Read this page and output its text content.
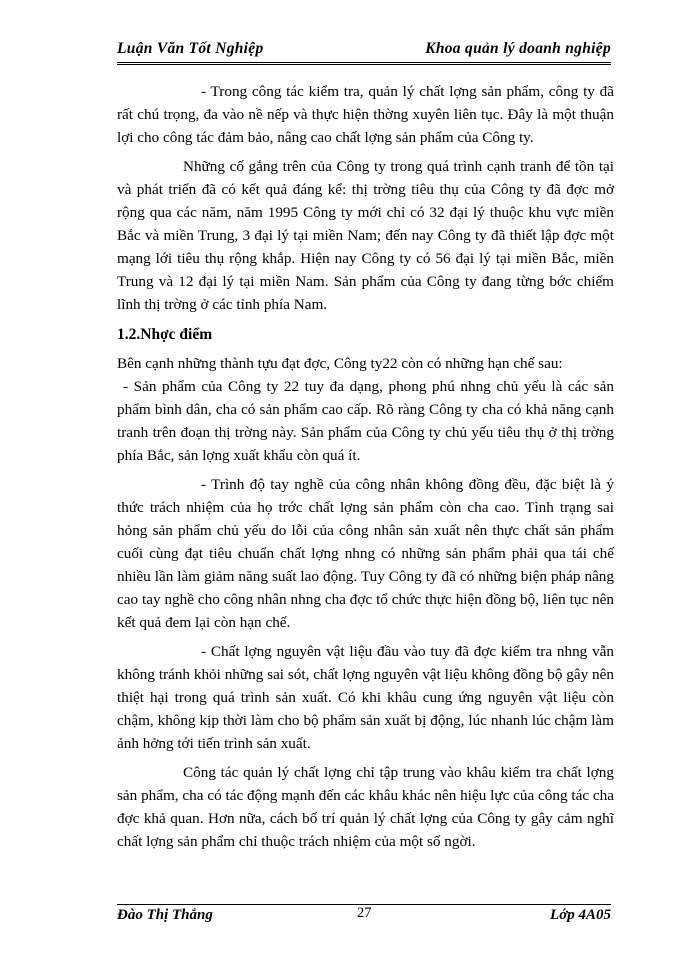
Luận Văn Tốt Nghiệp	Khoa quản lý doanh nghiệp

- Trong công tác kiểm tra, quản lý chất lợng sản phẩm, công ty đã rất chú trọng, đa vào nề nếp và thực hiện thờng xuyên liên tục. Đây là một thuận lợi cho công tác đảm bảo, nâng cao chất lợng sản phẩm của Công ty.

Những cố gắng trên của Công ty trong quá trình cạnh tranh để tồn tại và phát triển đã có kết quả đáng kể: thị trờng tiêu thụ của Công ty đã đợc mở rộng qua các năm, năm 1995 Công ty mới chỉ có 32 đại lý thuộc khu vực miền Bắc và miền Trung, 3 đại lý tại miền Nam; đến nay Công ty đã thiết lập đợc một mạng lới tiêu thụ rộng khắp. Hiện nay Công ty có 56 đại lý tại miền Bắc, miền Trung và 12 đại lý tại miền Nam. Sản phẩm của Công ty đang từng bớc chiếm lĩnh thị trờng ở các tỉnh phía Nam.

1.2.Nhợc điểm

Bên cạnh những thành tựu đạt đợc, Công ty22 còn có những hạn chế sau:

- Sản phẩm của Công ty 22 tuy đa dạng, phong phú nhng chủ yếu là các sản phẩm bình dân, cha có sản phẩm cao cấp. Rõ ràng Công ty cha có khả năng cạnh tranh trên đoạn thị trờng này. Sản phẩm của Công ty chủ yếu tiêu thụ ở thị trờng phía Bắc, sản lợng xuất khẩu còn quá ít.

- Trình độ tay nghề của công nhân không đồng đều, đặc biệt là ý thức trách nhiệm của họ trớc chất lợng sản phẩm còn cha cao. Tình trạng sai hỏng sản phẩm chủ yếu do lỗi của công nhân sản xuất nên thực chất sản phẩm cuối cùng đạt tiêu chuẩn chất lợng nhng có những sản phẩm phải qua tái chế nhiều lần làm giảm năng suất lao động. Tuy Công ty đã có những biện pháp nâng cao tay nghề cho công nhân nhng cha đợc tổ chức thực hiện đồng bộ, liên tục nên kết quả đem lại còn hạn chế.

- Chất lợng nguyên vật liệu đầu vào tuy đã đợc kiểm tra nhng vẫn không tránh khỏi những sai sót, chất lợng nguyên vật liệu không đồng bộ gây nên thiệt hại trong quá trình sản xuất. Có khi khâu cung ứng nguyên vật liệu còn chậm, không kịp thời làm cho bộ phẩm sản xuất bị động, lúc nhanh lúc chậm làm ảnh hởng tới tiến trình sản xuất.

Công tác quản lý chất lợng chỉ tập trung vào khâu kiểm tra chất lợng sản phẩm, cha có tác động mạnh đến các khâu khác nên hiệu lực của công tác cha đợc khả quan. Hơn nữa, cách bố trí quản lý chất lợng của Công ty gây cảm nghĩ chất lợng sản phẩm chỉ thuộc trách nhiệm của một số ngời.

Đào Thị Thắng	27	Lớp 4A05
